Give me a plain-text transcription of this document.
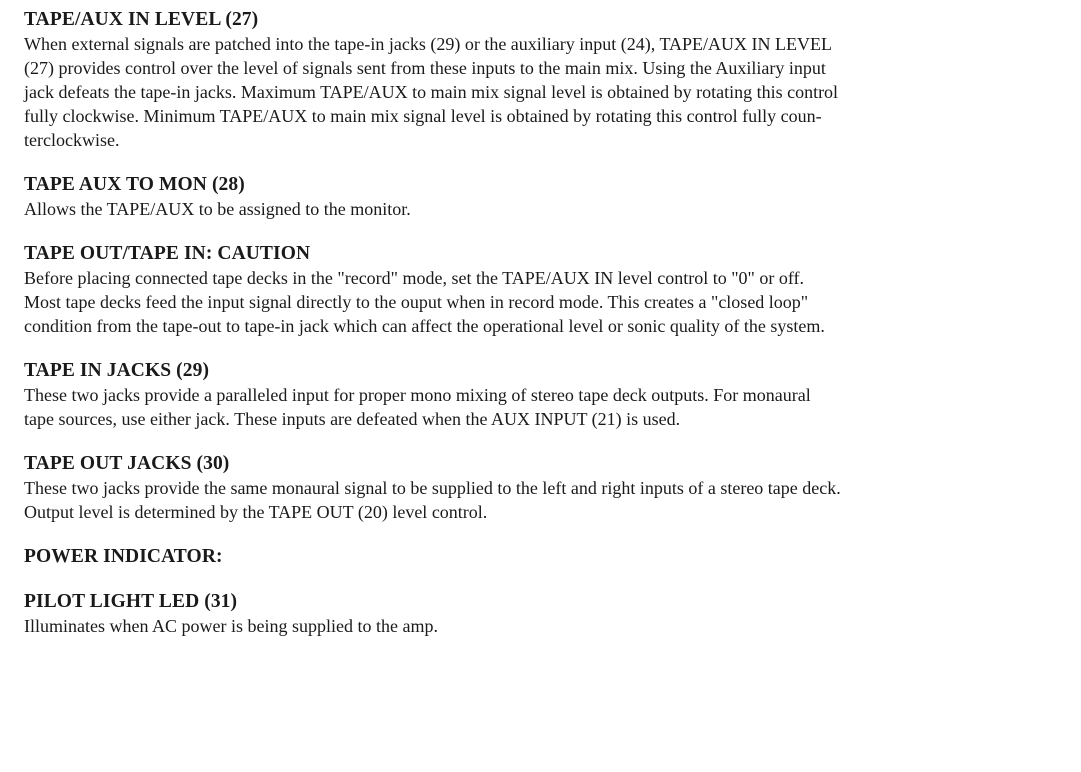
TAPE/AUX IN LEVEL (27)

When external signals are patched into the tape-in jacks (29) or the auxiliary input (24), TAPE/AUX IN LEVEL
(27) provides control over the level of signals sent from these inputs to the main mix. Using the Auxiliary input
jack defeats the tape-in jacks. Maximum TAPE/AUX to main mix signal level is obtained by rotating this control
fully clockwise. Minimum TAPE/AUX to main mix signal level is obtained by rotating this control fully coun-
terclockwise.

TAPE AUX TO MON (28)

Allows the TAPE/AUX to be assigned to the monitor.

TAPE OUT/TAPE IN: CAUTION

Before placing connected tape decks in the "record" mode, set the TAPE/AUX IN level control to "0" or off.
Most tape decks feed the input signal directly to the ouput when in record mode. This creates a "closed loop"
condition from the tape-out to tape-in jack which can affect the operational level or sonic quality of the system.

TAPE IN JACKS (29)

These two jacks provide a paralleled input for proper mono mixing of stereo tape deck outputs. For monaural
tape sources, use either jack. These inputs are defeated when the AUX INPUT (21) is used.

TAPE OUT JACKS (30)

These two jacks provide the same monaural signal to be supplied to the left and right inputs of a stereo tape deck.
Output level is determined by the TAPE OUT (20) level control.

POWER INDICATOR:

PILOT LIGHT LED (31)

Illuminates when AC power is being supplied to the amp.
